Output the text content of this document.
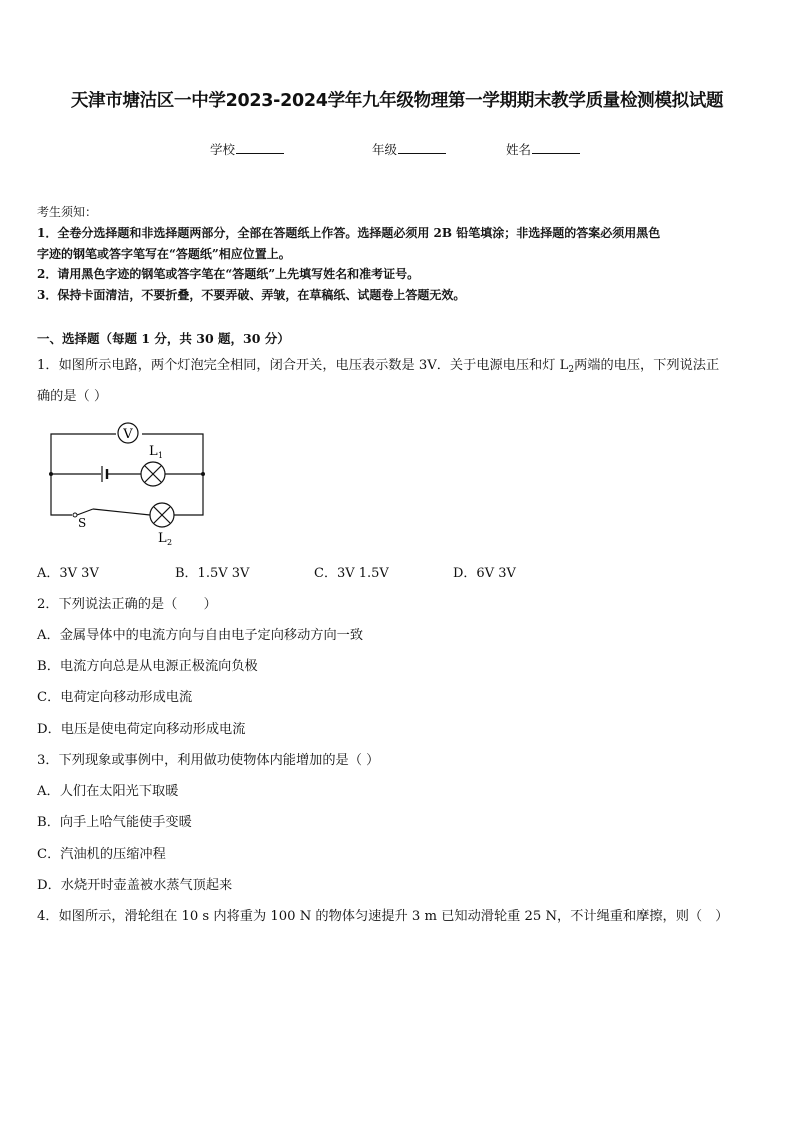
天津市塘沽区一中学2023-2024学年九年级物理第一学期期末教学质量检测模拟试题
学校	年级	姓名
考生须知：
1．全卷分选择题和非选择题两部分，全部在答题纸上作答。选择题必须用 2B 铅笔填涂；非选择题的答案必须用黑色
字迹的钢笔或答字笔写在“答题纸”相应位置上。
2．请用黑色字迹的钢笔或答字笔在“答题纸”上先填写姓名和准考证号。
3．保持卡面清洁，不要折叠，不要弄破、弄皱，在草稿纸、试题卷上答题无效。
一、选择题（每题 1 分，共 30 题，30 分）
1．如图所示电路，两个灯泡完全相同，闭合开关，电压表示数是 3V．关于电源电压和灯 $L_2$两端的电压，下列说法正
确的是（ ）
V
L 1
L 2
S
A．3V 3V	B．1.5V 3V	C．3V 1.5V	D．6V 3V
2．下列说法正确的是（　　）
A．金属导体中的电流方向与自由电子定向移动方向一致
B．电流方向总是从电源正极流向负极
C．电荷定向移动形成电流
D．电压是使电荷定向移动形成电流
3．下列现象或事例中，利用做功使物体内能增加的是（ ）
A．人们在太阳光下取暖
B．向手上哈气能使手变暖
C．汽油机的压缩冲程
D．水烧开时壶盖被水蒸气顶起来
4．如图所示，滑轮组在 10 s 内将重为 100 N 的物体匀速提升 3 m 已知动滑轮重 25 N，不计绳重和摩擦，则（　）
